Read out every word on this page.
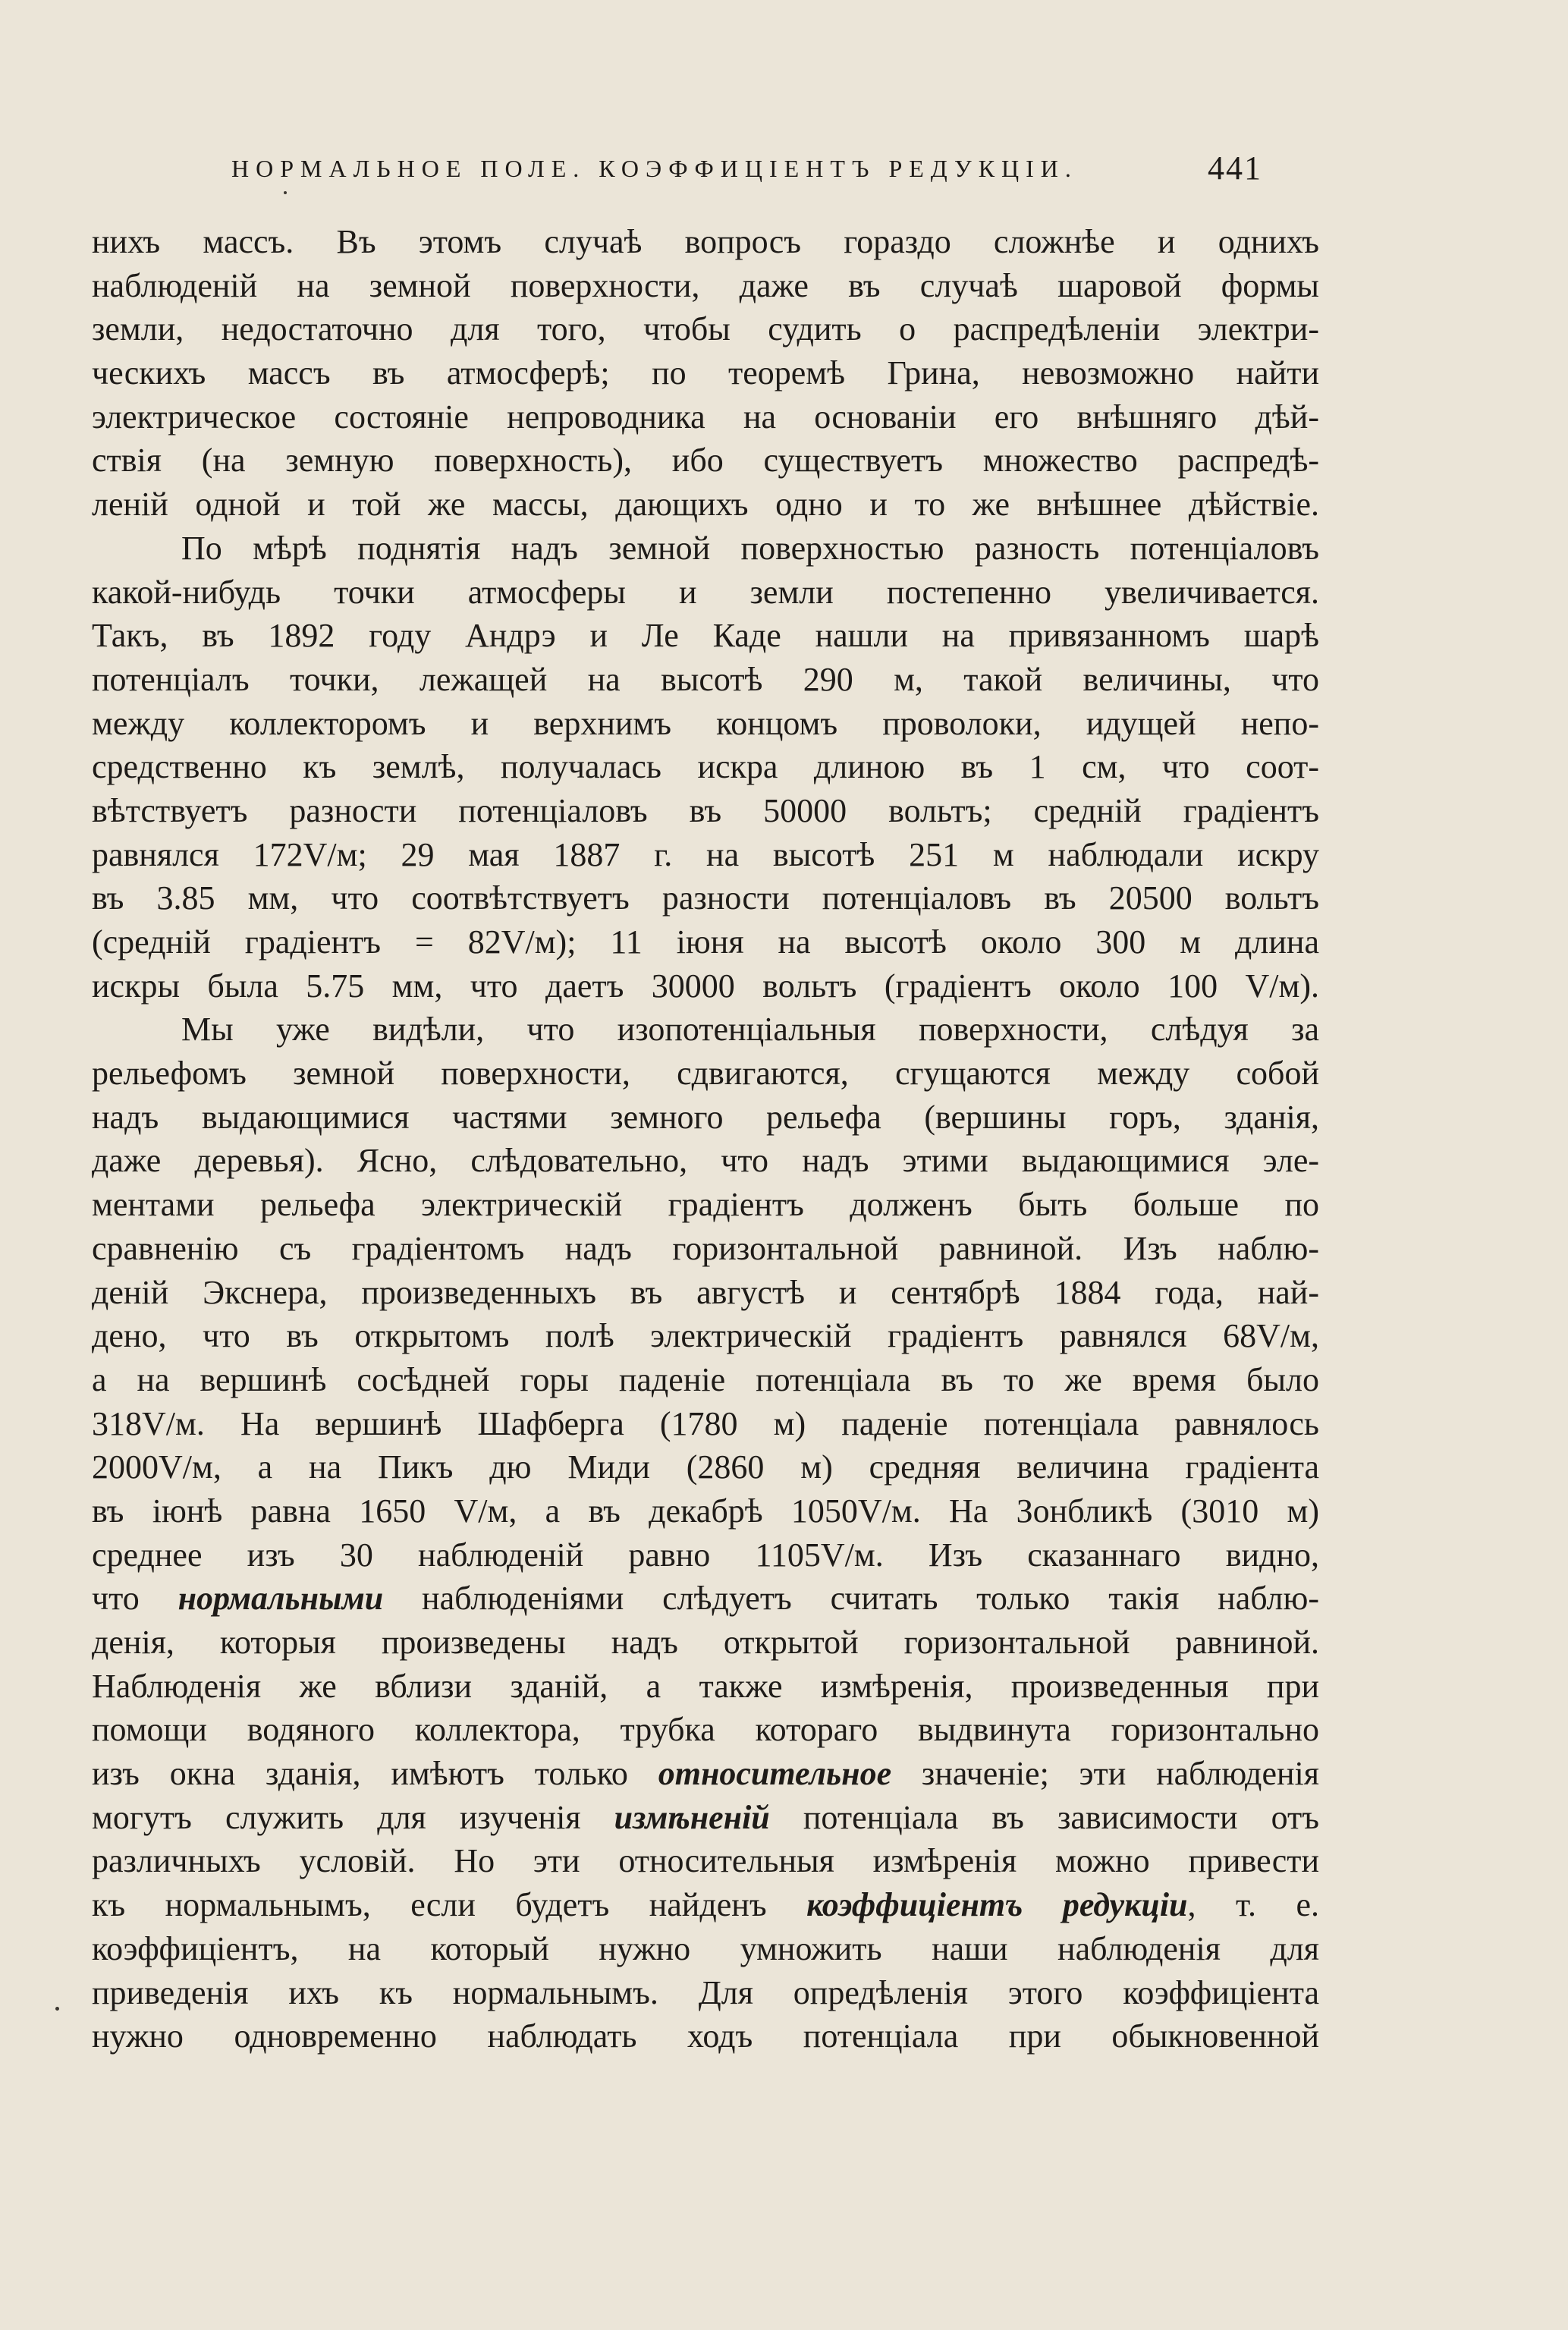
НОРМАЛЬНОЕ ПОЛЕ. КОЭФФИЦІЕНТЪ РЕДУКЦІИ.	441
нихъ массъ. Въ этомъ случаѣ вопросъ гораздо сложнѣе и однихъ
наблюденій на земной поверхности, даже въ случаѣ шаровой формы
земли, недостаточно для того, чтобы судить о распредѣленіи электри-
ческихъ массъ въ атмосферѣ; по теоремѣ Грина, невозможно найти
электрическое состояніе непроводника на основаніи его внѣшняго дѣй-
ствія (на земную поверхность), ибо существуетъ множество распредѣ-
леній одной и той же массы, дающихъ одно и то же внѣшнее дѣйствіе.
По мѣрѣ поднятія надъ земной поверхностью разность потенціаловъ
какой-нибудь точки атмосферы и земли постепенно увеличивается.
Такъ, въ 1892 году Андрэ и Ле Каде нашли на привязанномъ шарѣ
потенціалъ точки, лежащей на высотѣ 290 м, такой величины, что
между коллекторомъ и верхнимъ концомъ проволоки, идущей непо-
средственно къ землѣ, получалась искра длиною въ 1 см, что соот-
вѣтствуетъ разности потенціаловъ въ 50000 вольтъ; средній градіентъ
равнялся 172V/м; 29 мая 1887 г. на высотѣ 251 м наблюдали искру
въ 3.85 мм, что соотвѣтствуетъ разности потенціаловъ въ 20500 вольтъ
(средній градіентъ = 82V/м); 11 іюня на высотѣ около 300 м длина
искры была 5.75 мм, что даетъ 30000 вольтъ (градіентъ около 100 V/м).
Мы уже видѣли, что изопотенціальныя поверхности, слѣдуя за
рельефомъ земной поверхности, сдвигаются, сгущаются между собой
надъ выдающимися частями земного рельефа (вершины горъ, зданія,
даже деревья). Ясно, слѣдовательно, что надъ этими выдающимися эле-
ментами рельефа электрическій градіентъ долженъ быть больше по
сравненію съ градіентомъ надъ горизонтальной равниной. Изъ наблю-
деній Экснера, произведенныхъ въ августѣ и сентябрѣ 1884 года, най-
дено, что въ открытомъ полѣ электрическій градіентъ равнялся 68V/м,
а на вершинѣ сосѣдней горы паденіе потенціала въ то же время было
318V/м. На вершинѣ Шафберга (1780 м) паденіе потенціала равнялось
2000V/м, а на Пикъ дю Миди (2860 м) средняя величина градіента
въ іюнѣ равна 1650 V/м, а въ декабрѣ 1050V/м. На Зонбликѣ (3010 м)
среднее изъ 30 наблюденій равно 1105V/м. Изъ сказаннаго видно,
что нормальными наблюденіями слѣдуетъ считать только такія наблю-
денія, которыя произведены надъ открытой горизонтальной равниной.
Наблюденія же вблизи зданій, а также измѣренія, произведенныя при
помощи водяного коллектора, трубка котораго выдвинута горизонтально
изъ окна зданія, имѣютъ только относительное значеніе; эти наблюденія
могутъ служить для изученія измѣненій потенціала въ зависимости отъ
различныхъ условій. Но эти относительныя измѣренія можно привести
къ нормальнымъ, если будетъ найденъ коэффиціентъ редукціи, т. е.
коэффиціентъ, на который нужно умножить наши наблюденія для
приведенія ихъ къ нормальнымъ. Для опредѣленія этого коэффиціента
нужно одновременно наблюдать ходъ потенціала при обыкновенной
